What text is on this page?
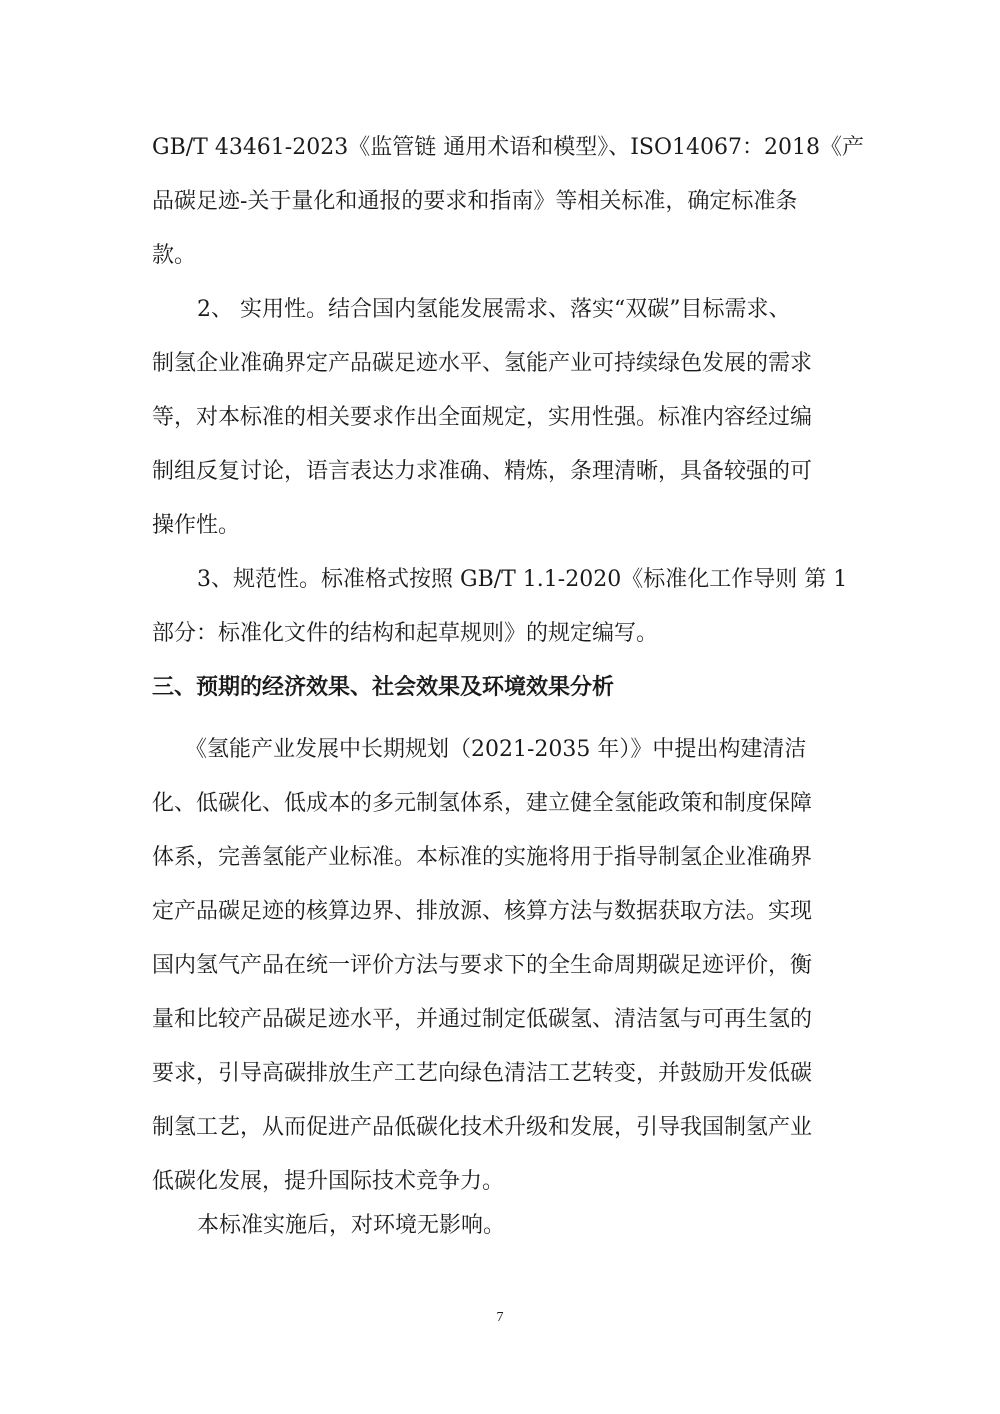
GB/T 43461-2023《监管链 通用术语和模型》、ISO14067：2018《产
品碳足迹-关于量化和通报的要求和指南》等相关标准，确定标准条
款。
2、 实用性。结合国内氢能发展需求、落实“双碳”目标需求、
制氢企业准确界定产品碳足迹水平、氢能产业可持续绿色发展的需求
等，对本标准的相关要求作出全面规定，实用性强。标准内容经过编
制组反复讨论，语言表达力求准确、精炼，条理清晰，具备较强的可
操作性。
3、规范性。标准格式按照 GB/T 1.1-2020《标准化工作导则 第 1
部分：标准化文件的结构和起草规则》的规定编写。
三、预期的经济效果、社会效果及环境效果分析
《氢能产业发展中长期规划（2021-2035 年）》中提出构建清洁
化、低碳化、低成本的多元制氢体系，建立健全氢能政策和制度保障
体系，完善氢能产业标准。本标准的实施将用于指导制氢企业准确界
定产品碳足迹的核算边界、排放源、核算方法与数据获取方法。实现
国内氢气产品在统一评价方法与要求下的全生命周期碳足迹评价，衡
量和比较产品碳足迹水平，并通过制定低碳氢、清洁氢与可再生氢的
要求，引导高碳排放生产工艺向绿色清洁工艺转变，并鼓励开发低碳
制氢工艺，从而促进产品低碳化技术升级和发展，引导我国制氢产业
低碳化发展，提升国际技术竞争力。
本标准实施后，对环境无影响。
7
